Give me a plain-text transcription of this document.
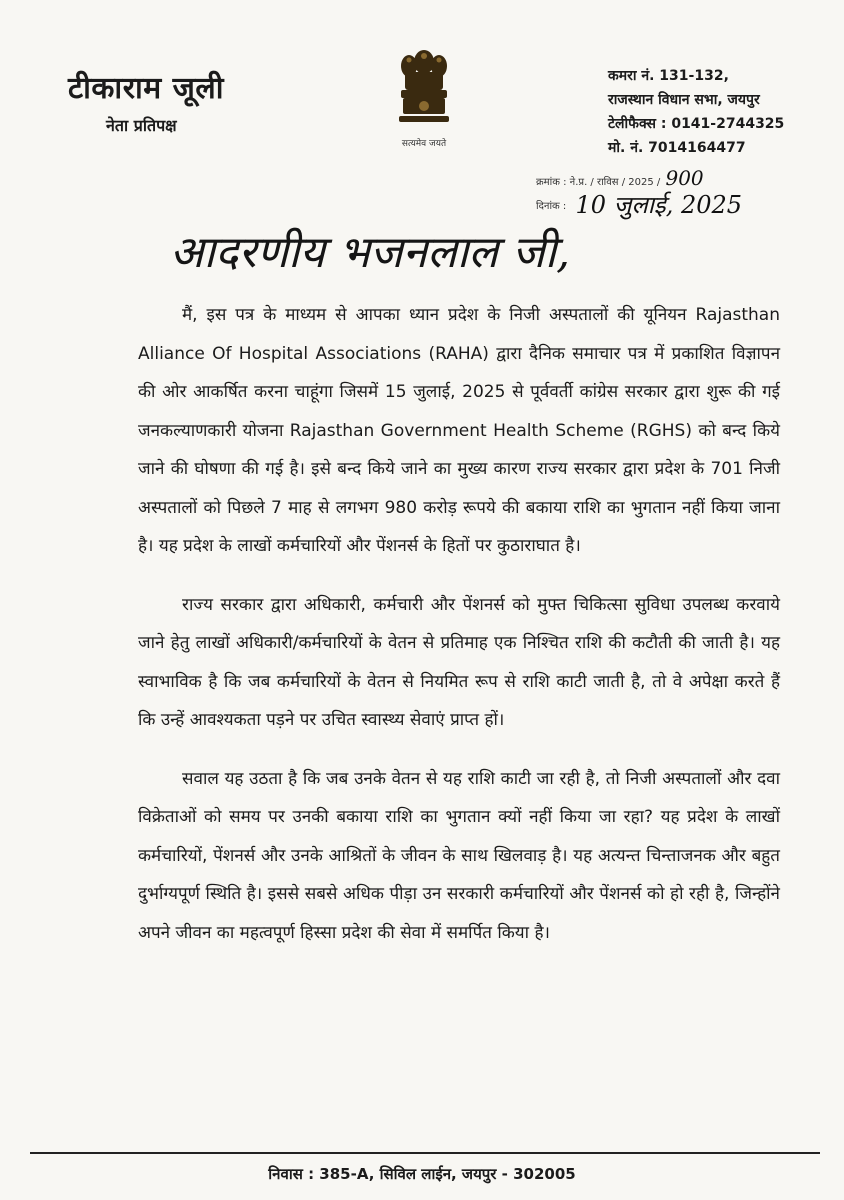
टीकाराम जूली
नेता प्रतिपक्ष
सत्यमेव जयते
कमरा नं. 131-132,
राजस्थान विधान सभा, जयपुर
टेलीफैक्स : 0141-2744325
मो. नं. 7014164477
क्रमांक : ने.प्र. / राविस / 2025 / 900
दिनांक : 10 जुलाई, 2025
आदरणीय भजनलाल जी,

मैं, इस पत्र के माध्यम से आपका ध्यान प्रदेश के निजी अस्पतालों की यूनियन Rajasthan Alliance Of Hospital Associations (RAHA) द्वारा दैनिक समाचार पत्र में प्रकाशित विज्ञापन की ओर आकर्षित करना चाहूंगा जिसमें 15 जुलाई, 2025 से पूर्ववर्ती कांग्रेस सरकार द्वारा शुरू की गई जनकल्याणकारी योजना Rajasthan Government Health Scheme (RGHS) को बन्द किये जाने की घोषणा की गई है। इसे बन्द किये जाने का मुख्य कारण राज्य सरकार द्वारा प्रदेश के 701 निजी अस्पतालों को पिछले 7 माह से लगभग 980 करोड़ रूपये की बकाया राशि का भुगतान नहीं किया जाना है। यह प्रदेश के लाखों कर्मचारियों और पेंशनर्स के हितों पर कुठाराघात है।

राज्य सरकार द्वारा अधिकारी, कर्मचारी और पेंशनर्स को मुफ्त चिकित्सा सुविधा उपलब्ध करवाये जाने हेतु लाखों अधिकारी/कर्मचारियों के वेतन से प्रतिमाह एक निश्चित राशि की कटौती की जाती है। यह स्वाभाविक है कि जब कर्मचारियों के वेतन से नियमित रूप से राशि काटी जाती है, तो वे अपेक्षा करते हैं कि उन्हें आवश्यकता पड़ने पर उचित स्वास्थ्य सेवाएं प्राप्त हों।

सवाल यह उठता है कि जब उनके वेतन से यह राशि काटी जा रही है, तो निजी अस्पतालों और दवा विक्रेताओं को समय पर उनकी बकाया राशि का भुगतान क्यों नहीं किया जा रहा? यह प्रदेश के लाखों कर्मचारियों, पेंशनर्स और उनके आश्रितों के जीवन के साथ खिलवाड़ है। यह अत्यन्त चिन्ताजनक और बहुत दुर्भाग्यपूर्ण स्थिति है। इससे सबसे अधिक पीड़ा उन सरकारी कर्मचारियों और पेंशनर्स को हो रही है, जिन्होंने अपने जीवन का महत्वपूर्ण हिस्सा प्रदेश की सेवा में समर्पित किया है।

निवास : 385-A, सिविल लाईन, जयपुर - 302005
